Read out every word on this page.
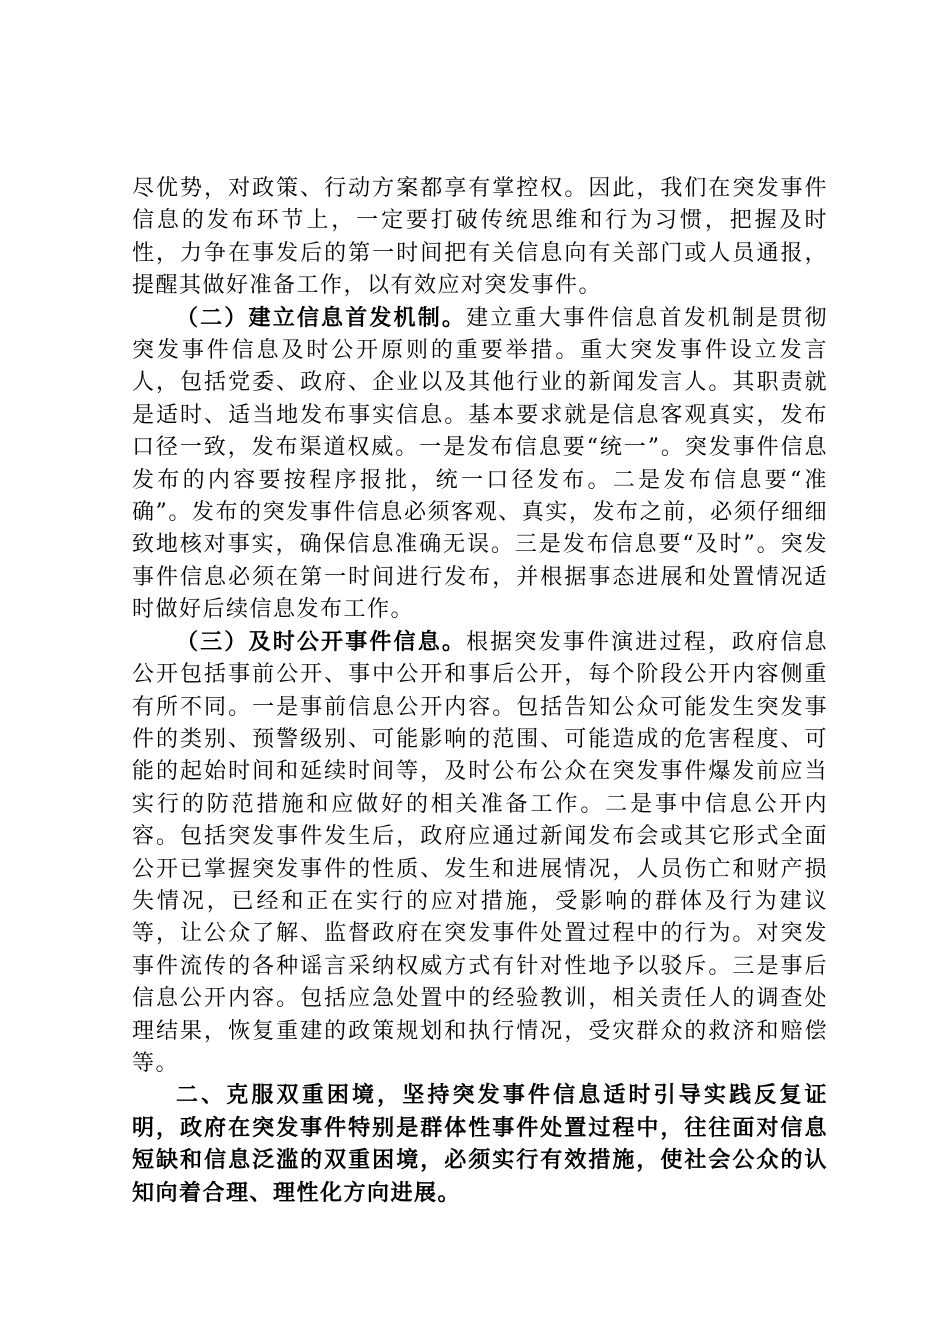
尽优势，对政策、行动方案都享有掌控权。因此，我们在突发事件信息的发布环节上，一定要打破传统思维和行为习惯，把握及时性，力争在事发后的第一时间把有关信息向有关部门或人员通报，提醒其做好准备工作，以有效应对突发事件。

（二）建立信息首发机制。建立重大事件信息首发机制是贯彻突发事件信息及时公开原则的重要举措。重大突发事件设立发言人，包括党委、政府、企业以及其他行业的新闻发言人。其职责就是适时、适当地发布事实信息。基本要求就是信息客观真实，发布口径一致，发布渠道权威。一是发布信息要“统一”。突发事件信息发布的内容要按程序报批，统一口径发布。二是发布信息要“准确”。发布的突发事件信息必须客观、真实，发布之前，必须仔细细致地核对事实，确保信息准确无误。三是发布信息要“及时”。突发事件信息必须在第一时间进行发布，并根据事态进展和处置情况适时做好后续信息发布工作。

（三）及时公开事件信息。根据突发事件演进过程，政府信息公开包括事前公开、事中公开和事后公开，每个阶段公开内容侧重有所不同。一是事前信息公开内容。包括告知公众可能发生突发事件的类别、预警级别、可能影响的范围、可能造成的危害程度、可能的起始时间和延续时间等，及时公布公众在突发事件爆发前应当实行的防范措施和应做好的相关准备工作。二是事中信息公开内容。包括突发事件发生后，政府应通过新闻发布会或其它形式全面公开已掌握突发事件的性质、发生和进展情况，人员伤亡和财产损失情况，已经和正在实行的应对措施，受影响的群体及行为建议等，让公众了解、监督政府在突发事件处置过程中的行为。对突发事件流传的各种谣言采纳权威方式有针对性地予以驳斥。三是事后信息公开内容。包括应急处置中的经验教训，相关责任人的调查处理结果，恢复重建的政策规划和执行情况，受灾群众的救济和赔偿等。

二、克服双重困境，坚持突发事件信息适时引导实践反复证明，政府在突发事件特别是群体性事件处置过程中，往往面对信息短缺和信息泛滥的双重困境，必须实行有效措施，使社会公众的认知向着合理、理性化方向进展。
